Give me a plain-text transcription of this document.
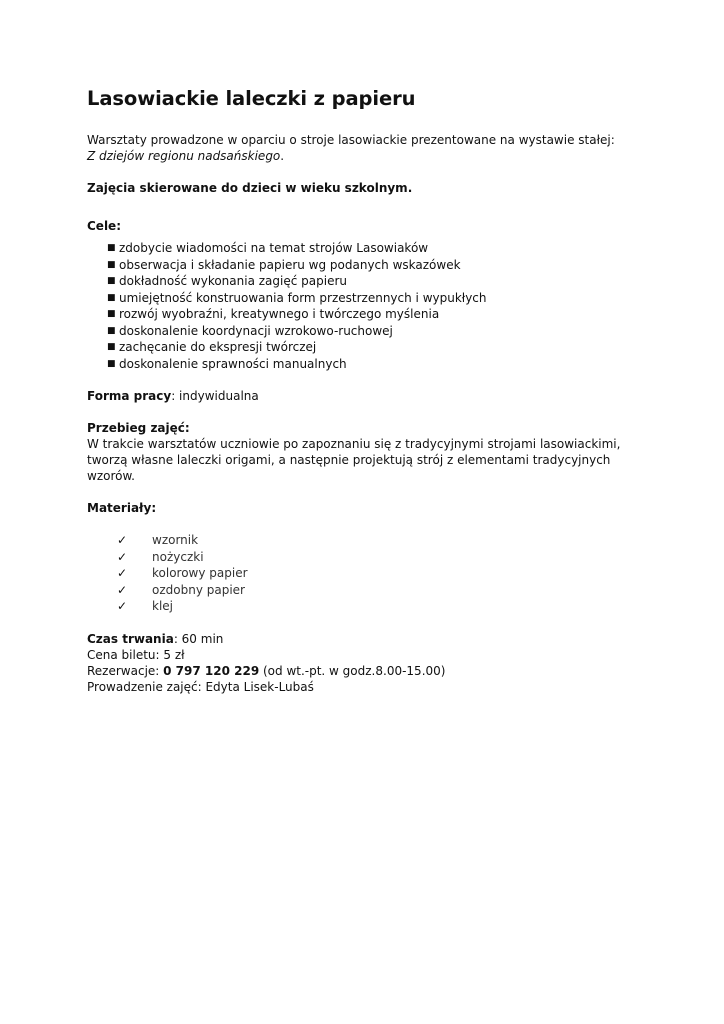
Lasowiackie laleczki z papieru

Warsztaty prowadzone w oparciu o stroje lasowiackie prezentowane na wystawie stałej:
Z dziejów regionu nadsańskiego.

Zajęcia skierowane do dzieci w wieku szkolnym.

Cele:

■ zdobycie wiadomości na temat strojów Lasowiaków
■ obserwacja i składanie papieru wg podanych wskazówek
■ dokładność wykonania zagięć papieru
■ umiejętność konstruowania form przestrzennych i wypukłych
■ rozwój wyobraźni, kreatywnego i twórczego myślenia
■ doskonalenie koordynacji wzrokowo-ruchowej
■ zachęcanie do ekspresji twórczej
■ doskonalenie sprawności manualnych

Forma pracy: indywidualna

Przebieg zajęć:

W trakcie warsztatów uczniowie po zapoznaniu się z tradycyjnymi strojami lasowiackimi, tworzą własne laleczki origami, a następnie projektują strój z elementami tradycyjnych wzorów.

Materiały:

✓ wzornik
✓ nożyczki
✓ kolorowy papier
✓ ozdobny papier
✓ klej

Czas trwania: 60 min

Cena biletu: 5 zł

Rezerwacje: 0 797 120 229 (od wt.-pt. w godz.8.00-15.00)

Prowadzenie zajęć: Edyta Lisek-Lubaś
